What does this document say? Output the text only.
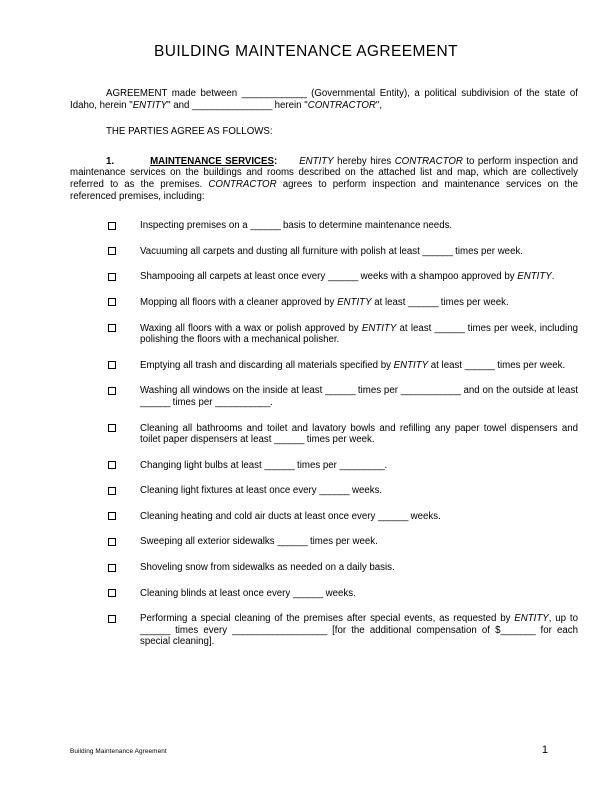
BUILDING MAINTENANCE AGREEMENT

AGREEMENT made between _____________ (Governmental Entity), a political subdivision of the state of Idaho, herein "ENTITY" and ________________ herein "CONTRACTOR",

THE PARTIES AGREE AS FOLLOWS:

1.	MAINTENANCE SERVICES: ENTITY hereby hires CONTRACTOR to perform inspection and maintenance services on the buildings and rooms described on the attached list and map, which are collectively referred to as the premises. CONTRACTOR agrees to perform inspection and maintenance services on the referenced premises, including:

Inspecting premises on a ______ basis to determine maintenance needs.
Vacuuming all carpets and dusting all furniture with polish at least ______ times per week.
Shampooing all carpets at least once every ______ weeks with a shampoo approved by ENTITY.
Mopping all floors with a cleaner approved by ENTITY at least ______ times per week.
Waxing all floors with a wax or polish approved by ENTITY at least ______ times per week, including polishing the floors with a mechanical polisher.
Emptying all trash and discarding all materials specified by ENTITY at least ______ times per week.
Washing all windows on the inside at least ______ times per ____________ and on the outside at least ______ times per ___________.
Cleaning all bathrooms and toilet and lavatory bowls and refilling any paper towel dispensers and toilet paper dispensers at least ______ times per week.
Changing light bulbs at least ______ times per _________.
Cleaning light fixtures at least once every ______ weeks.
Cleaning heating and cold air ducts at least once every ______ weeks.
Sweeping all exterior sidewalks ______ times per week.
Shoveling snow from sidewalks as needed on a daily basis.
Cleaning blinds at least once every ______ weeks.
Performing a special cleaning of the premises after special events, as requested by ENTITY, up to ______ times every ___________________ [for the additional compensation of $_______ for each special cleaning].
Building Maintenance Agreement	1
